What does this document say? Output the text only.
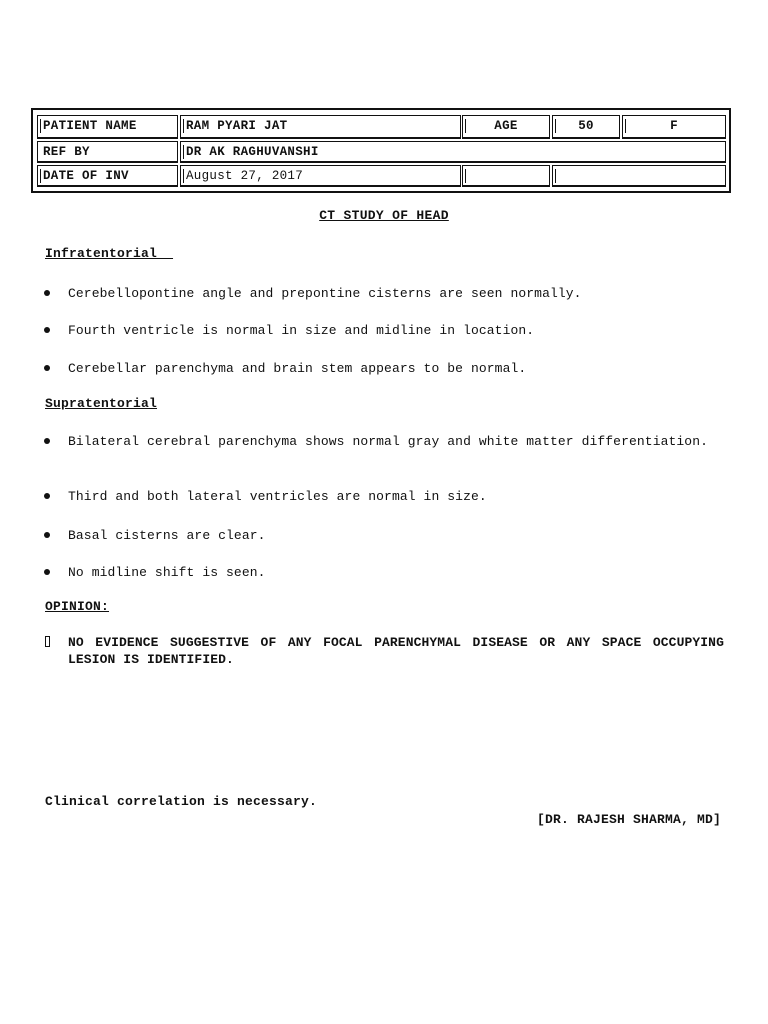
PATIENT NAME	RAM PYARI JAT	AGE	50	F
REF BY	DR AK RAGHUVANSHI
DATE OF INV	August 27, 2017
CT STUDY OF HEAD
Infratentorial
Cerebellopontine angle and prepontine cisterns are seen normally.
Fourth ventricle is normal in size and midline in location.
Cerebellar parenchyma and brain stem appears to be normal.
Supratentorial
Bilateral cerebral parenchyma shows normal gray and white matter differentiation.
Third and both lateral ventricles are normal in size.
Basal cisterns are clear.
No midline shift is seen.
OPINION:
NO EVIDENCE SUGGESTIVE OF ANY FOCAL PARENCHYMAL DISEASE OR ANY SPACE OCCUPYING LESION IS IDENTIFIED.
Clinical correlation is necessary.
[DR. RAJESH SHARMA, MD]
